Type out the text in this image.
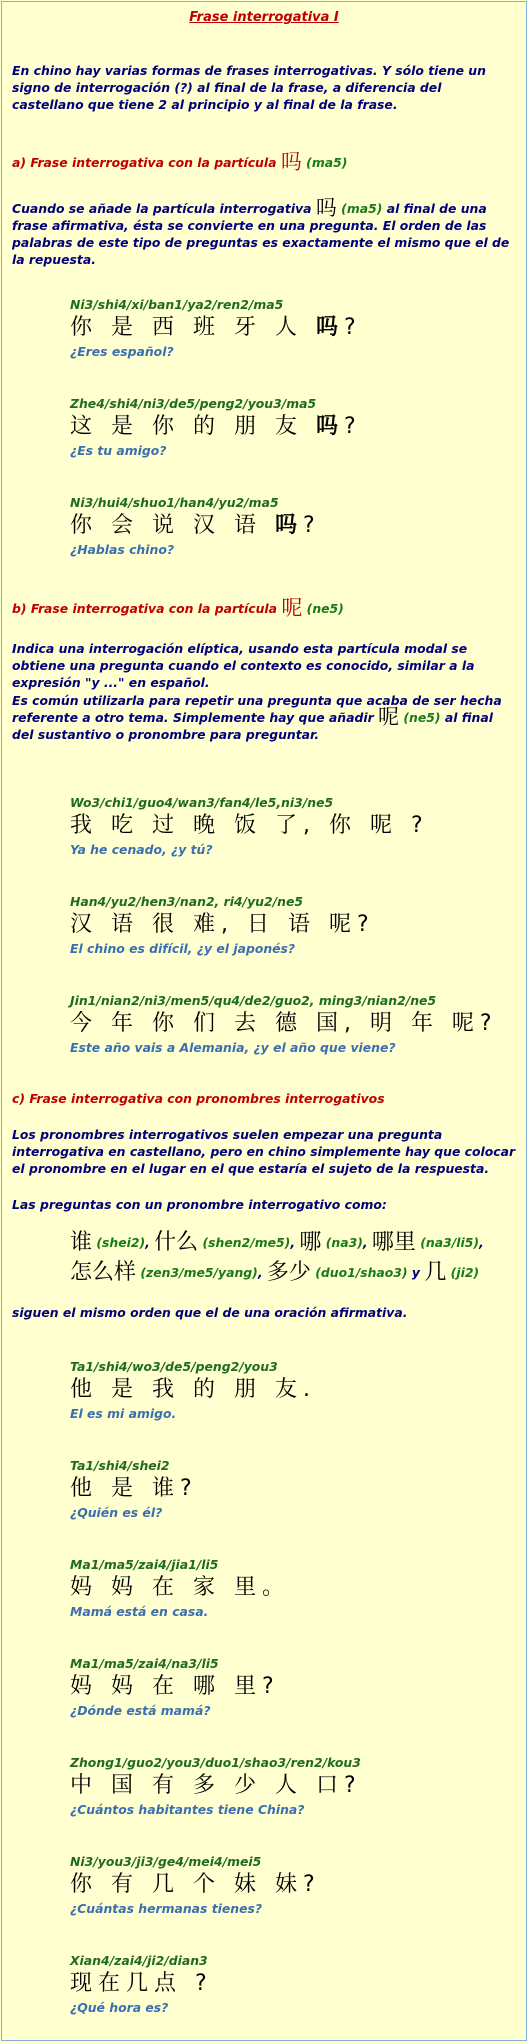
Frase interrogativa I
En chino hay varias formas de frases interrogativas. Y sólo tiene un signo de interrogación (?) al final de la frase, a diferencia del castellano que tiene 2 al principio y al final de la frase.
a) Frase interrogativa con la partícula 吗 (ma5)
Cuando se añade la partícula interrogativa 吗 (ma5) al final de una frase afirmativa, ésta se convierte en una pregunta. El orden de las palabras de este tipo de preguntas es exactamente el mismo que el de la repuesta.
Ni3/shi4/xi/ban1/ya2/ren2/ma5
你 是 西 班 牙 人 吗?
¿Eres español?
Zhe4/shi4/ni3/de5/peng2/you3/ma5
这 是 你 的 朋 友 吗?
¿Es tu amigo?
Ni3/hui4/shuo1/han4/yu2/ma5
你 会 说 汉 语 吗?
¿Hablas chino?
b) Frase interrogativa con la partícula 呢 (ne5)
Indica una interrogación elíptica, usando esta partícula modal se obtiene una pregunta cuando el contexto es conocido, similar a la expresión "y ..." en español.
Es común utilizarla para repetir una pregunta que acaba de ser hecha referente a otro tema. Simplemente hay que añadir 呢 (ne5) al final del sustantivo o pronombre para preguntar.
Wo3/chi1/guo4/wan3/fan4/le5,ni3/ne5
我 吃 过 晚 饭 了, 你 呢 ?
Ya he cenado, ¿y tú?
Han4/yu2/hen3/nan2, ri4/yu2/ne5
汉 语 很 难, 日 语 呢?
El chino es difícil, ¿y el japonés?
Jin1/nian2/ni3/men5/qu4/de2/guo2, ming3/nian2/ne5
今 年 你 们 去 德 国, 明 年 呢?
Este año vais a Alemania, ¿y el año que viene?
c) Frase interrogativa con pronombres interrogativos
Los pronombres interrogativos suelen empezar una pregunta interrogativa en castellano, pero en chino simplemente hay que colocar el pronombre en el lugar en el que estaría el sujeto de la respuesta.
Las preguntas con un pronombre interrogativo como:
谁 (shei2), 什么 (shen2/me5), 哪 (na3), 哪里 (na3/li5),
怎么样 (zen3/me5/yang), 多少 (duo1/shao3) y 几 (ji2)
siguen el mismo orden que el de una oración afirmativa.
Ta1/shi4/wo3/de5/peng2/you3
他 是 我 的 朋 友.
El es mi amigo.
Ta1/shi4/shei2
他 是 谁?
¿Quién es él?
Ma1/ma5/zai4/jia1/li5
妈 妈 在 家 里。
Mamá está en casa.
Ma1/ma5/zai4/na3/li5
妈 妈 在 哪 里?
¿Dónde está mamá?
Zhong1/guo2/you3/duo1/shao3/ren2/kou3
中 国 有 多 少 人 口?
¿Cuántos habitantes tiene China?
Ni3/you3/ji3/ge4/mei4/mei5
你 有 几 个 妹 妹?
¿Cuántas hermanas tienes?
Xian4/zai4/ji2/dian3
现在几点 ?
¿Qué hora es?
